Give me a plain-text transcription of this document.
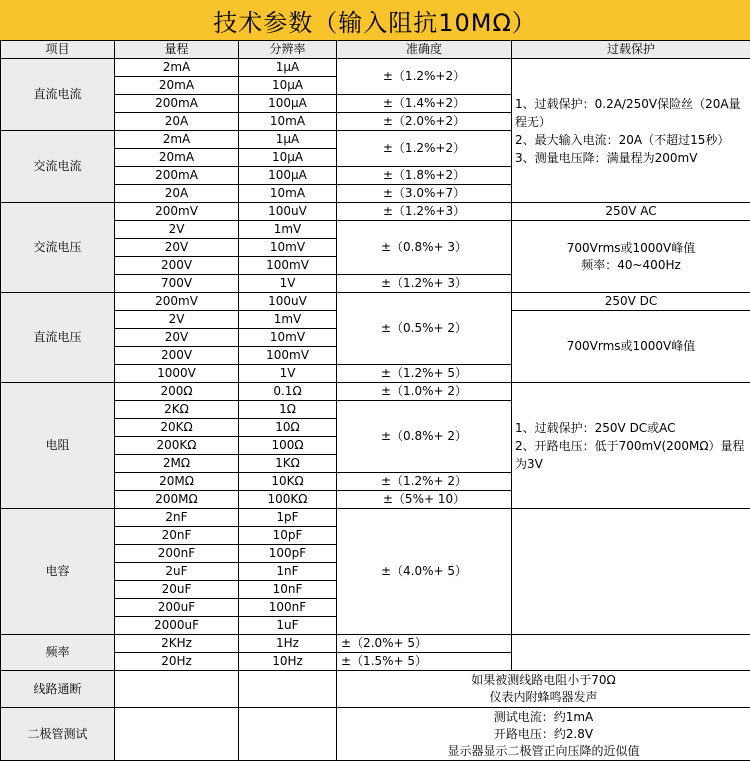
技术参数（输入阻抗10MΩ）
项目	量程	分辨率	准确度	过载保护
直流电流	2mA	1μA	±（1.2%+2）	1、过载保护：0.2A/250V保险丝（20A量程无）
2、最大输入电流：20A（不超过15秒）
3、测量电压降：满量程为200mV

	20mA	10μA		
	200mA	100μA	±（1.4%+2）	
	20A	10mA	±（2.0%+2）	
交流电流	2mA	1μA	±（1.2%+2）	
	20mA	10μA		
	200mA	100μA	±（1.8%+2）	
	20A	10mA	±（3.0%+7）	
交流电压	200mV	100uV	±（1.2%+3）	250V AC
	2V	1mV	±（0.8%+ 3）	700Vrms或1000V峰值
频率：40~400Hz

	20V	10mV		
	200V	100mV		
	700V	1V	±（1.2%+ 3）	
直流电压	200mV	100uV	±（0.5%+ 2）	250V DC
	2V	1mV		700Vrms或1000V峰值
	20V	10mV		
	200V	100mV		
	1000V	1V	±（1.2%+ 5）	
电阻	200Ω	0.1Ω	±（1.0%+ 2）	1、过载保护：250V DC或AC
2、开路电压：低于700mV(200MΩ）量程为3V

	2KΩ	1Ω	±（0.8%+ 2）	
	20KΩ	10Ω		
	200KΩ	100Ω		
	2MΩ	1KΩ		
	20MΩ	10KΩ	±（1.2%+ 2）	
	200MΩ	100KΩ	±（5%+ 10）	
电容	2nF	1pF	±（4.0%+ 5）	
	20nF	10pF		
	200nF	100pF		
	2uF	1nF		
	20uF	10nF		
	200uF	100nF		
	2000uF	1uF		
频率	2KHz	1Hz	±（2.0%+ 5）	
	20Hz	10Hz	±（1.5%+ 5）	
线路通断			如果被测线路电阻小于70Ω
仪表内附蜂鸣器发声	

二极管测试			测试电流：约1mA
开路电压：约2.8V
显示器显示二极管正向压降的近似值	
